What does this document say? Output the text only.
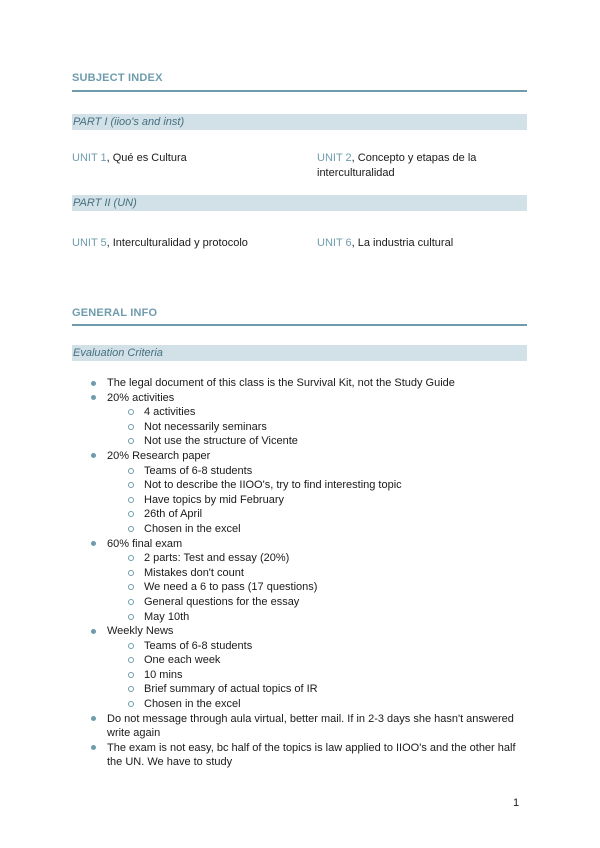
SUBJECT INDEX
PART I (iioo's and inst)
UNIT 1, Qué es Cultura	UNIT 2, Concepto y etapas de la interculturalidad
PART II (UN)
UNIT 5, Interculturalidad y protocolo	UNIT 6, La industria cultural
GENERAL INFO
Evaluation Criteria
The legal document of this class is the Survival Kit, not the Study Guide
20% activities
4 activities
Not necessarily seminars
Not use the structure of Vicente
20% Research paper
Teams of 6-8 students
Not to describe the IIOO's, try to find interesting topic
Have topics by mid February
26th of April
Chosen in the excel
60% final exam
2 parts: Test and essay (20%)
Mistakes don't count
We need a 6 to pass (17 questions)
General questions for the essay
May 10th
Weekly News
Teams of 6-8 students
One each week
10 mins
Brief summary of actual topics of IR
Chosen in the excel
Do not message through aula virtual, better mail. If in 2-3 days she hasn't answered write again
The exam is not easy, bc half of the topics is law applied to IIOO's and the other half the UN. We have to study
1
